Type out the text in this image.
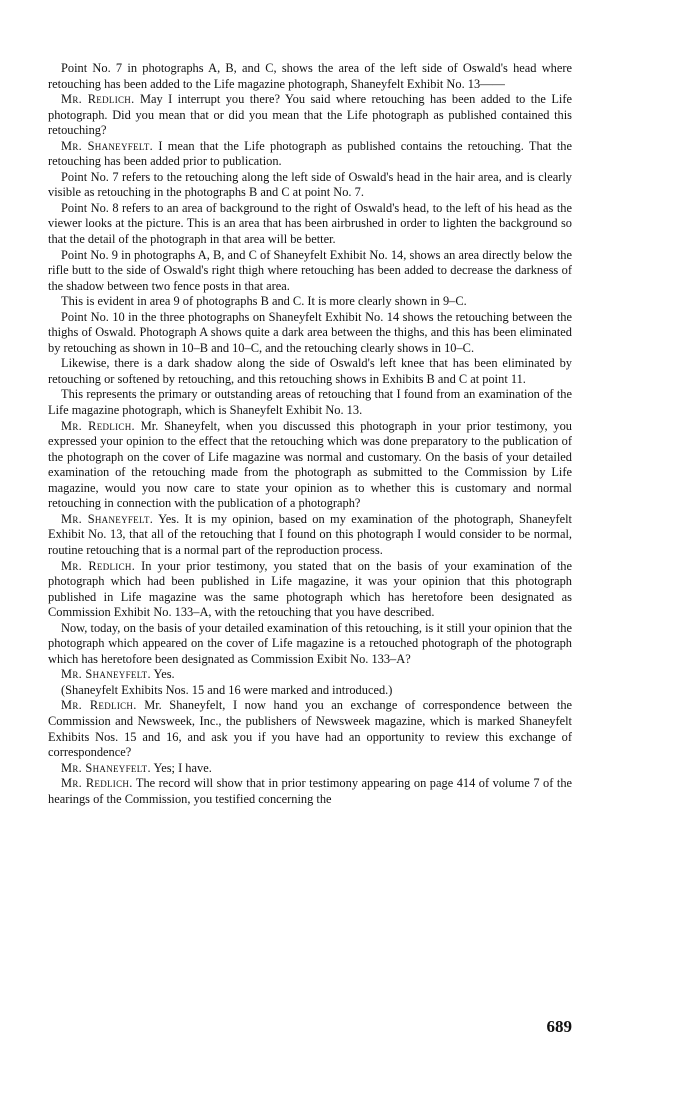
Point No. 7 in photographs A, B, and C, shows the area of the left side of Oswald's head where retouching has been added to the Life magazine photograph, Shaneyfelt Exhibit No. 13——

Mr. Redlich. May I interrupt you there? You said where retouching has been added to the Life photograph. Did you mean that or did you mean that the Life photograph as published contained this retouching?

Mr. Shaneyfelt. I mean that the Life photograph as published contains the retouching. That the retouching has been added prior to publication.

Point No. 7 refers to the retouching along the left side of Oswald's head in the hair area, and is clearly visible as retouching in the photographs B and C at point No. 7.

Point No. 8 refers to an area of background to the right of Oswald's head, to the left of his head as the viewer looks at the picture. This is an area that has been airbrushed in order to lighten the background so that the detail of the photograph in that area will be better.

Point No. 9 in photographs A, B, and C of Shaneyfelt Exhibit No. 14, shows an area directly below the rifle butt to the side of Oswald's right thigh where retouching has been added to decrease the darkness of the shadow between two fence posts in that area.

This is evident in area 9 of photographs B and C. It is more clearly shown in 9–C.

Point No. 10 in the three photographs on Shaneyfelt Exhibit No. 14 shows the retouching between the thighs of Oswald. Photograph A shows quite a dark area between the thighs, and this has been eliminated by retouching as shown in 10–B and 10–C, and the retouching clearly shows in 10–C.

Likewise, there is a dark shadow along the side of Oswald's left knee that has been eliminated by retouching or softened by retouching, and this retouching shows in Exhibits B and C at point 11.

This represents the primary or outstanding areas of retouching that I found from an examination of the Life magazine photograph, which is Shaneyfelt Exhibit No. 13.

Mr. Redlich. Mr. Shaneyfelt, when you discussed this photograph in your prior testimony, you expressed your opinion to the effect that the retouching which was done preparatory to the publication of the photograph on the cover of Life magazine was normal and customary. On the basis of your detailed examination of the retouching made from the photograph as submitted to the Commission by Life magazine, would you now care to state your opinion as to whether this is customary and normal retouching in connection with the publication of a photograph?

Mr. Shaneyfelt. Yes. It is my opinion, based on my examination of the photograph, Shaneyfelt Exhibit No. 13, that all of the retouching that I found on this photograph I would consider to be normal, routine retouching that is a normal part of the reproduction process.

Mr. Redlich. In your prior testimony, you stated that on the basis of your examination of the photograph which had been published in Life magazine, it was your opinion that this photograph published in Life magazine was the same photograph which has heretofore been designated as Commission Exhibit No. 133–A, with the retouching that you have described.

Now, today, on the basis of your detailed examination of this retouching, is it still your opinion that the photograph which appeared on the cover of Life magazine is a retouched photograph of the photograph which has heretofore been designated as Commission Exibit No. 133–A?

Mr. Shaneyfelt. Yes.

(Shaneyfelt Exhibits Nos. 15 and 16 were marked and introduced.)

Mr. Redlich. Mr. Shaneyfelt, I now hand you an exchange of correspondence between the Commission and Newsweek, Inc., the publishers of Newsweek magazine, which is marked Shaneyfelt Exhibits Nos. 15 and 16, and ask you if you have had an opportunity to review this exchange of correspondence?

Mr. Shaneyfelt. Yes; I have.

Mr. Redlich. The record will show that in prior testimony appearing on page 414 of volume 7 of the hearings of the Commission, you testified concerning the

689
